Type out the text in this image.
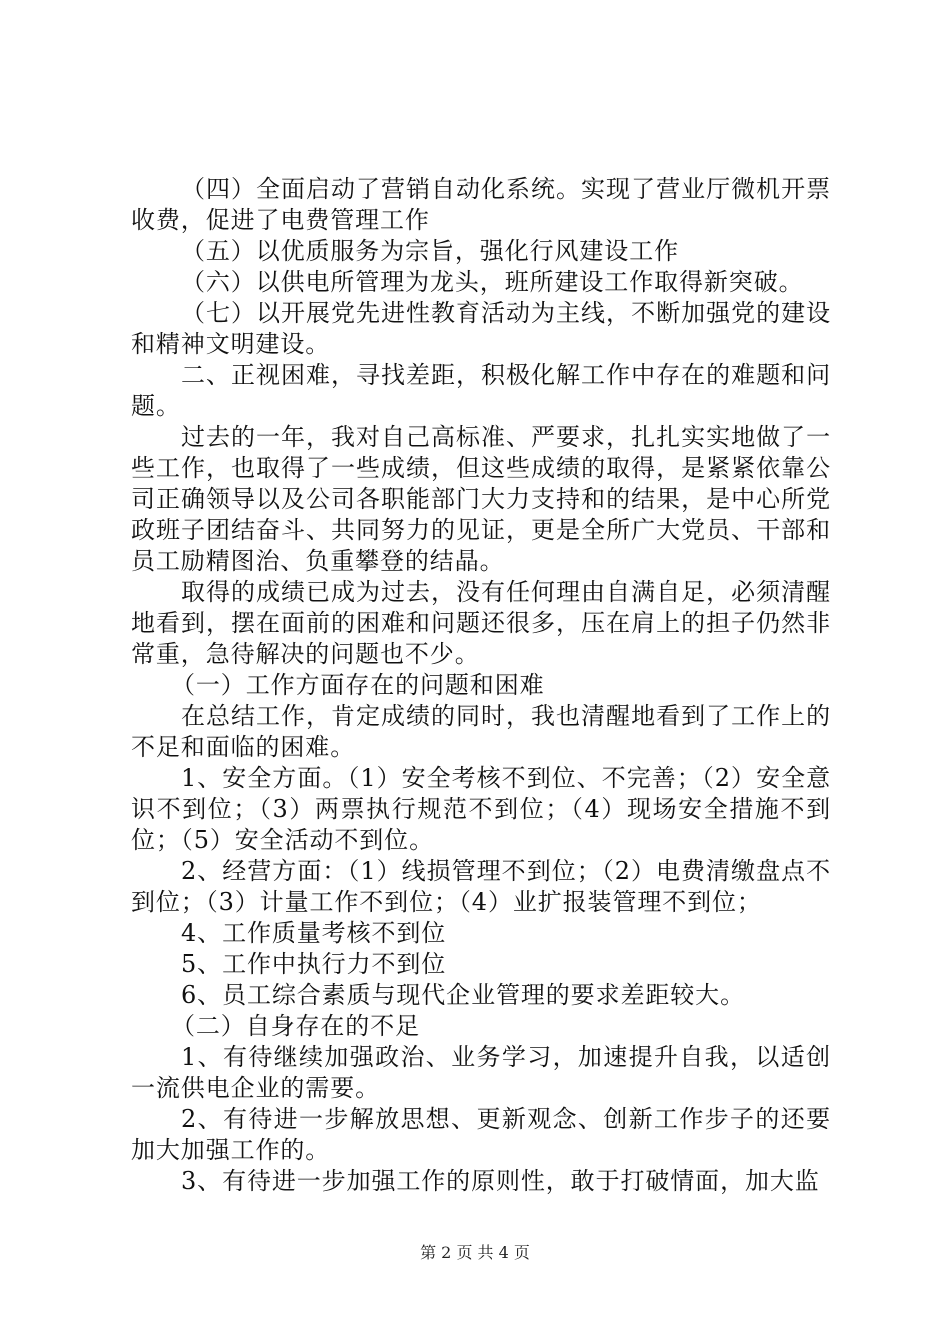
（四）全面启动了营销自动化系统。实现了营业厅微机开票收费，促进了电费管理工作

（五）以优质服务为宗旨，强化行风建设工作

（六）以供电所管理为龙头，班所建设工作取得新突破。

（七）以开展党先进性教育活动为主线，不断加强党的建设和精神文明建设。

二、正视困难，寻找差距，积极化解工作中存在的难题和问题。

过去的一年，我对自己高标准、严要求，扎扎实实地做了一些工作，也取得了一些成绩，但这些成绩的取得，是紧紧依靠公司正确领导以及公司各职能部门大力支持和的结果，是中心所党政班子团结奋斗、共同努力的见证，更是全所广大党员、干部和员工励精图治、负重攀登的结晶。

取得的成绩已成为过去，没有任何理由自满自足，必须清醒地看到，摆在面前的困难和问题还很多，压在肩上的担子仍然非常重，急待解决的问题也不少。

（一）工作方面存在的问题和困难

在总结工作，肯定成绩的同时，我也清醒地看到了工作上的不足和面临的困难。

1、安全方面。（1）安全考核不到位、不完善；（2）安全意识不到位；（3）两票执行规范不到位；（4）现场安全措施不到位；（5）安全活动不到位。

2、经营方面：（1）线损管理不到位；（2）电费清缴盘点不到位；（3）计量工作不到位；（4）业扩报装管理不到位；

4、工作质量考核不到位

5、工作中执行力不到位

6、员工综合素质与现代企业管理的要求差距较大。

（二）自身存在的不足

1、有待继续加强政治、业务学习，加速提升自我，以适创一流供电企业的需要。

2、有待进一步解放思想、更新观念、创新工作步子的还要加大加强工作的。

3、有待进一步加强工作的原则性，敢于打破情面，加大监

第 2 页 共 4 页
